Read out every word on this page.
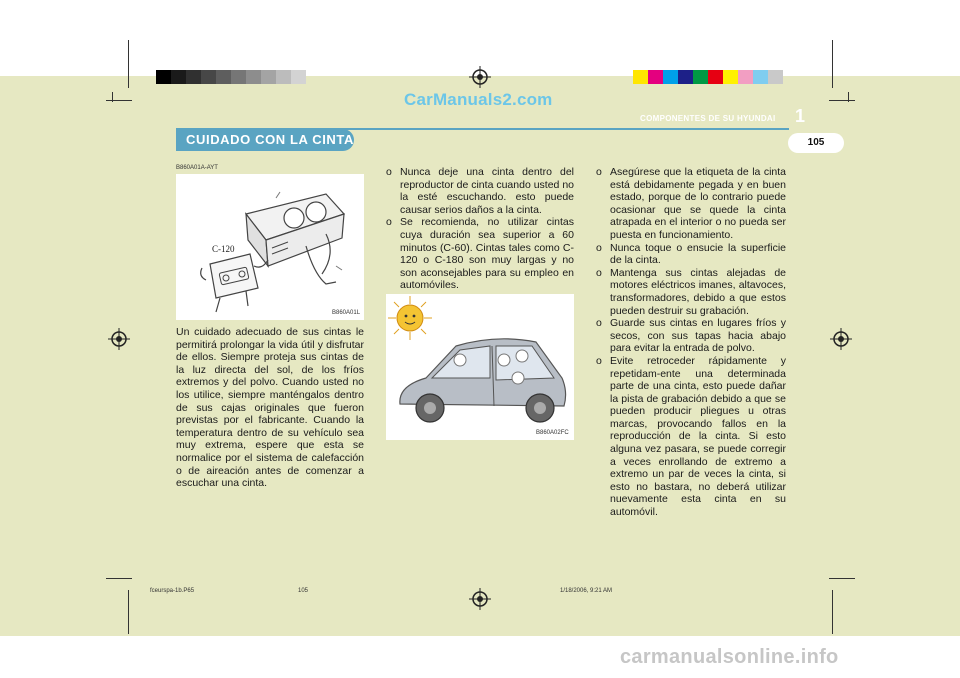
CarManuals2.com
COMPONENTES DE SU HYUNDAI 1
105
CUIDADO CON LA CINTA
B860A01A-AYT
C-120
B860A01L
Un cuidado adecuado de sus cintas le permitirá prolongar la vida útil y disfrutar de ellos. Siempre proteja sus cintas de la luz directa del sol, de los fríos extremos y del polvo. Cuando usted no los utilice, siempre manténgalos dentro de sus cajas originales que fueron previstas por el fabricante. Cuando la temperatura dentro de su vehículo sea muy extrema, espere que esta se normalice por el sistema de calefacción o de aireación antes de comenzar a escuchar una cinta.
o Nunca deje una cinta dentro del reproductor de cinta cuando usted no la esté escuchando. esto puede causar serios daños a la cinta.
o Se recomienda, no utilizar cintas cuya duración sea superior a 60 minutos (C-60). Cintas tales como C-120 o C-180 son muy largas y no son aconsejables para su empleo en automóviles.
B860A02FC
o Asegúrese que la etiqueta de la cinta está debidamente pegada y en buen estado, porque de lo contrario puede ocasionar que se quede la cinta atrapada en el interior o no pueda ser puesta en funcionamiento.
o Nunca toque o ensucie la superficie de la cinta.
o Mantenga sus cintas alejadas de motores eléctricos imanes, altavoces, transformadores, debido a que estos pueden destruir su grabación.
o Guarde sus cintas en lugares fríos y secos, con sus tapas hacia abajo para evitar la entrada de polvo.
o Evite retroceder rápidamente y repetidam-ente una determinada parte de una cinta, esto puede dañar la pista de grabación debido a que se pueden producir pliegues u otras marcas, provocando fallos en la reproducción de la cinta. Si esto alguna vez pasara, se puede corregir a veces enrollando de extremo a extremo un par de veces la cinta, si esto no bastara, no deberá utilizar nuevamente esta cinta en su automóvil.
fceurspa-1b.P65	105	1/18/2006, 9:21 AM
carmanualsonline.info
